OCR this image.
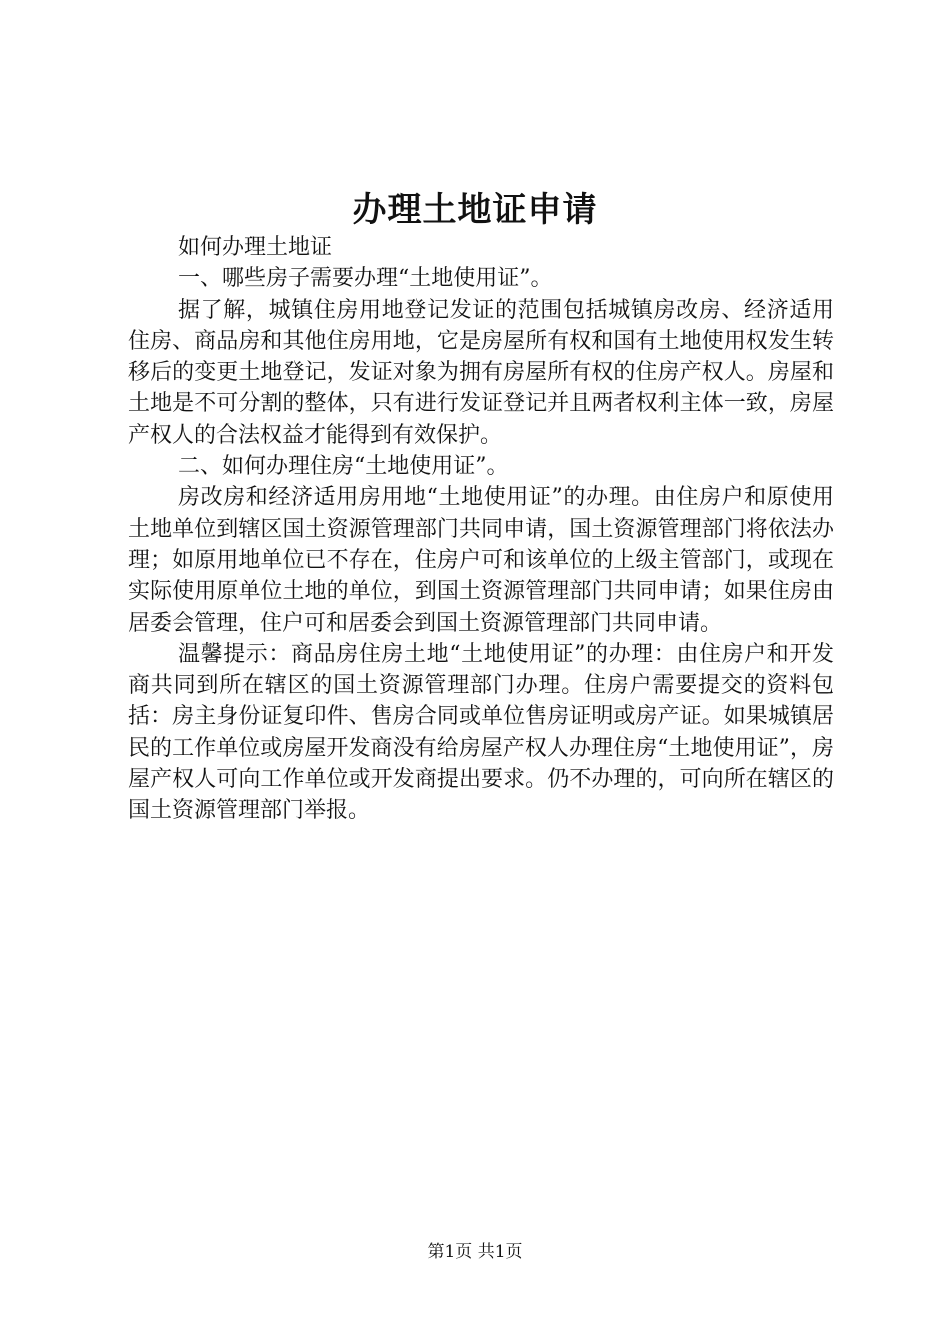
办理土地证申请

如何办理土地证

一、哪些房子需要办理“土地使用证”。

据了解，城镇住房用地登记发证的范围包括城镇房改房、经济适用住房、商品房和其他住房用地，它是房屋所有权和国有土地使用权发生转移后的变更土地登记，发证对象为拥有房屋所有权的住房产权人。房屋和土地是不可分割的整体，只有进行发证登记并且两者权利主体一致，房屋产权人的合法权益才能得到有效保护。

二、如何办理住房“土地使用证”。

房改房和经济适用房用地“土地使用证”的办理。由住房户和原使用土地单位到辖区国土资源管理部门共同申请，国土资源管理部门将依法办理；如原用地单位已不存在，住房户可和该单位的上级主管部门，或现在实际使用原单位土地的单位，到国土资源管理部门共同申请；如果住房由居委会管理，住户可和居委会到国土资源管理部门共同申请。

温馨提示：商品房住房土地“土地使用证”的办理：由住房户和开发商共同到所在辖区的国土资源管理部门办理。住房户需要提交的资料包括：房主身份证复印件、售房合同或单位售房证明或房产证。如果城镇居民的工作单位或房屋开发商没有给房屋产权人办理住房“土地使用证”，房屋产权人可向工作单位或开发商提出要求。仍不办理的，可向所在辖区的国土资源管理部门举报。

第1页 共1页
